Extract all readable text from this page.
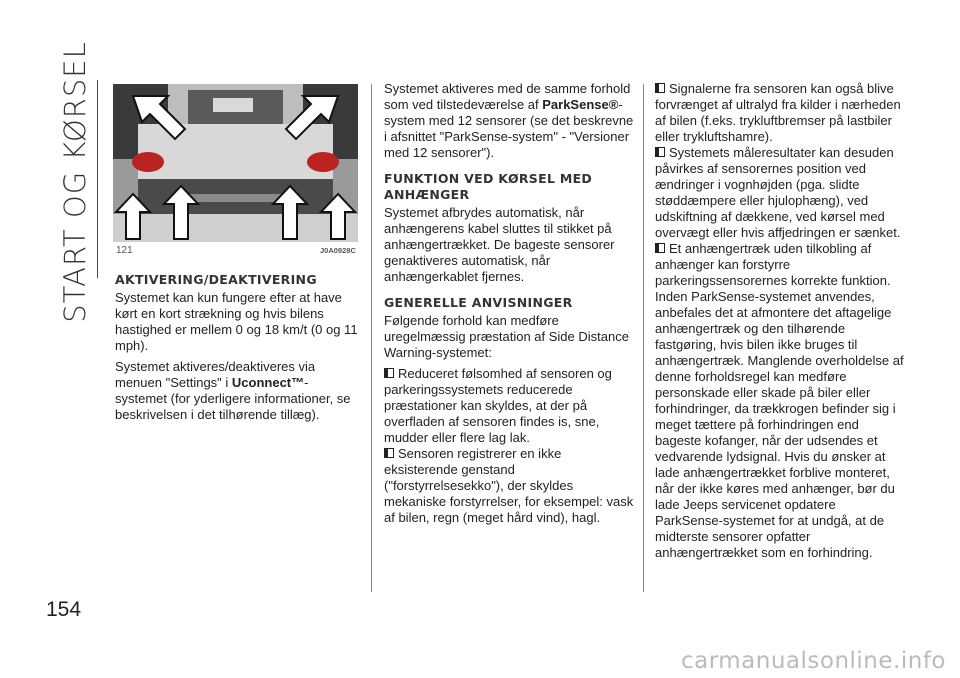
START OG KØRSEL
154
121	J0A0928C
AKTIVERING/DEAKTIVERING

Systemet kan kun fungere efter at have kørt en kort strækning og hvis bilens hastighed er mellem 0 og 18 km/t (0 og 11 mph).

Systemet aktiveres/deaktiveres via menuen "Settings" i Uconnect™-systemet (for yderligere informationer, se beskrivelsen i det tilhørende tillæg).

Systemet aktiveres med de samme forhold som ved tilstedeværelse af ParkSense®-system med 12 sensorer (se det beskrevne i afsnittet "ParkSense-system" - "Versioner med 12 sensorer").

FUNKTION VED KØRSEL MED ANHÆNGER

Systemet afbrydes automatisk, når anhængerens kabel sluttes til stikket på anhængertrækket. De bageste sensorer genaktiveres automatisk, når anhængerkablet fjernes.

GENERELLE ANVISNINGER

Følgende forhold kan medføre uregelmæssig præstation af Side Distance Warning-systemet:

Reduceret følsomhed af sensoren og parkeringssystemets reducerede præstationer kan skyldes, at der på overfladen af sensoren findes is, sne, mudder eller flere lag lak.

Sensoren registrerer en ikke eksisterende genstand ("forstyrrelsesekko"), der skyldes mekaniske forstyrrelser, for eksempel: vask af bilen, regn (meget hård vind), hagl.

Signalerne fra sensoren kan også blive forvrænget af ultralyd fra kilder i nærheden af bilen (f.eks. trykluftbremser på lastbiler eller trykluftshamre).

Systemets måleresultater kan desuden påvirkes af sensorernes position ved ændringer i vognhøjden (pga. slidte støddæmpere eller hjulophæng), ved udskiftning af dækkene, ved kørsel med overvægt eller hvis affjedringen er sænket.

Et anhængertræk uden tilkobling af anhænger kan forstyrre parkeringssensorernes korrekte funktion. Inden ParkSense-systemet anvendes, anbefales det at afmontere det aftagelige anhængertræk og den tilhørende fastgøring, hvis bilen ikke bruges til anhængertræk. Manglende overholdelse af denne forholdsregel kan medføre personskade eller skade på biler eller forhindringer, da trækkrogen befinder sig i meget tættere på forhindringen end bageste kofanger, når der udsendes et vedvarende lydsignal. Hvis du ønsker at lade anhængertrækket forblive monteret, når der ikke køres med anhænger, bør du lade Jeeps servicenet opdatere ParkSense-systemet for at undgå, at de midterste sensorer opfatter anhængertrækket som en forhindring.

carmanualsonline.info
